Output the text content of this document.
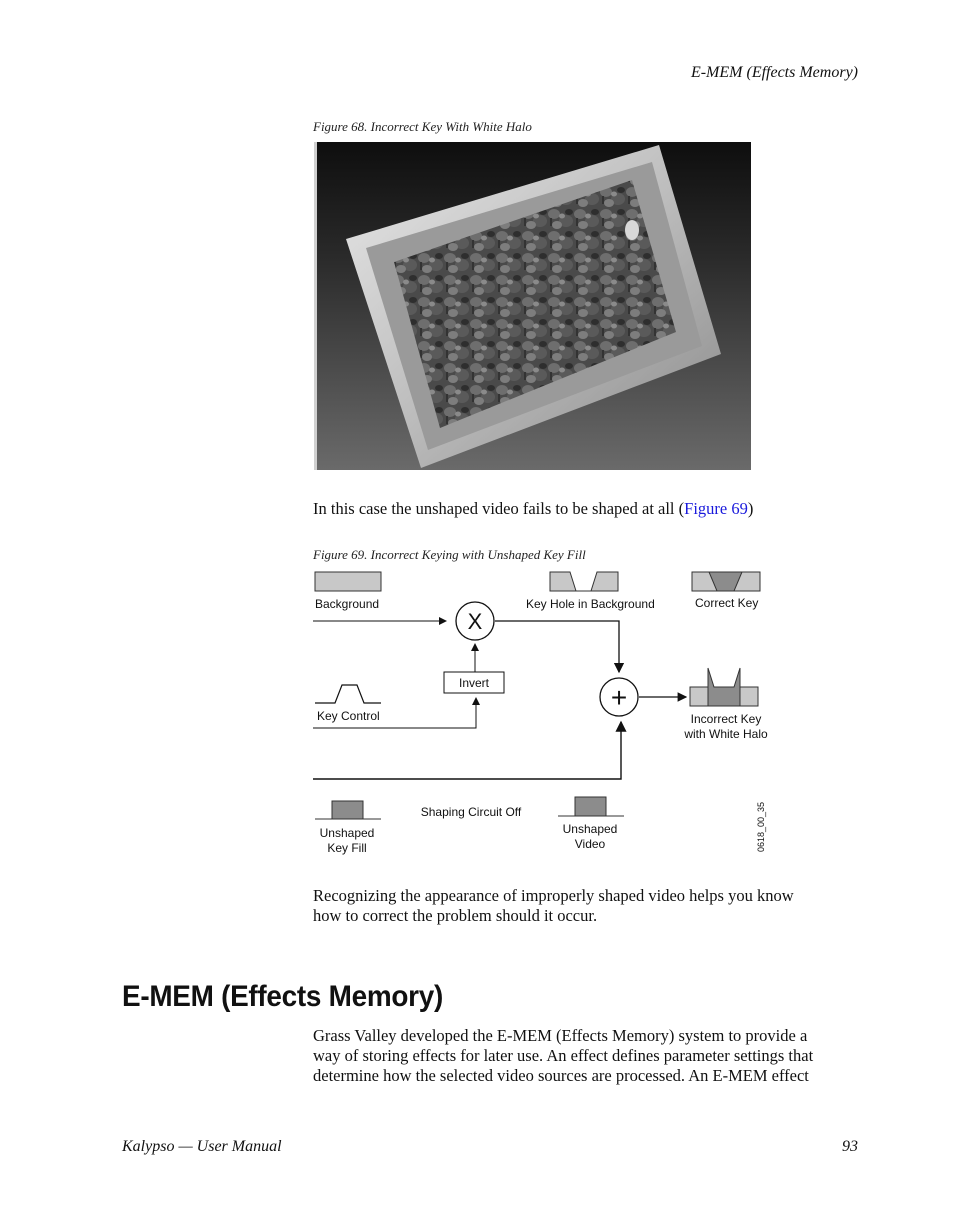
E-MEM (Effects Memory)
Figure 68. Incorrect Key With White Halo
In this case the unshaped video fails to be shaped at all (Figure 69)
Figure 69. Incorrect Keying with Unshaped Key Fill
Background	Key Hole in Background	Correct Key
X
Invert
Key Control
+
Incorrect Key
with White Halo
Shaping Circuit Off
Unshaped
Key Fill
Unshaped
Video	0618_00_35
Recognizing the appearance of improperly shaped video helps you know
how to correct the problem should it occur.
E-MEM (Effects Memory)
Grass Valley developed the E-MEM (Effects Memory) system to provide a
way of storing effects for later use. An effect defines parameter settings that
determine how the selected video sources are processed. An E-MEM effect
Kalypso — User Manual	93
